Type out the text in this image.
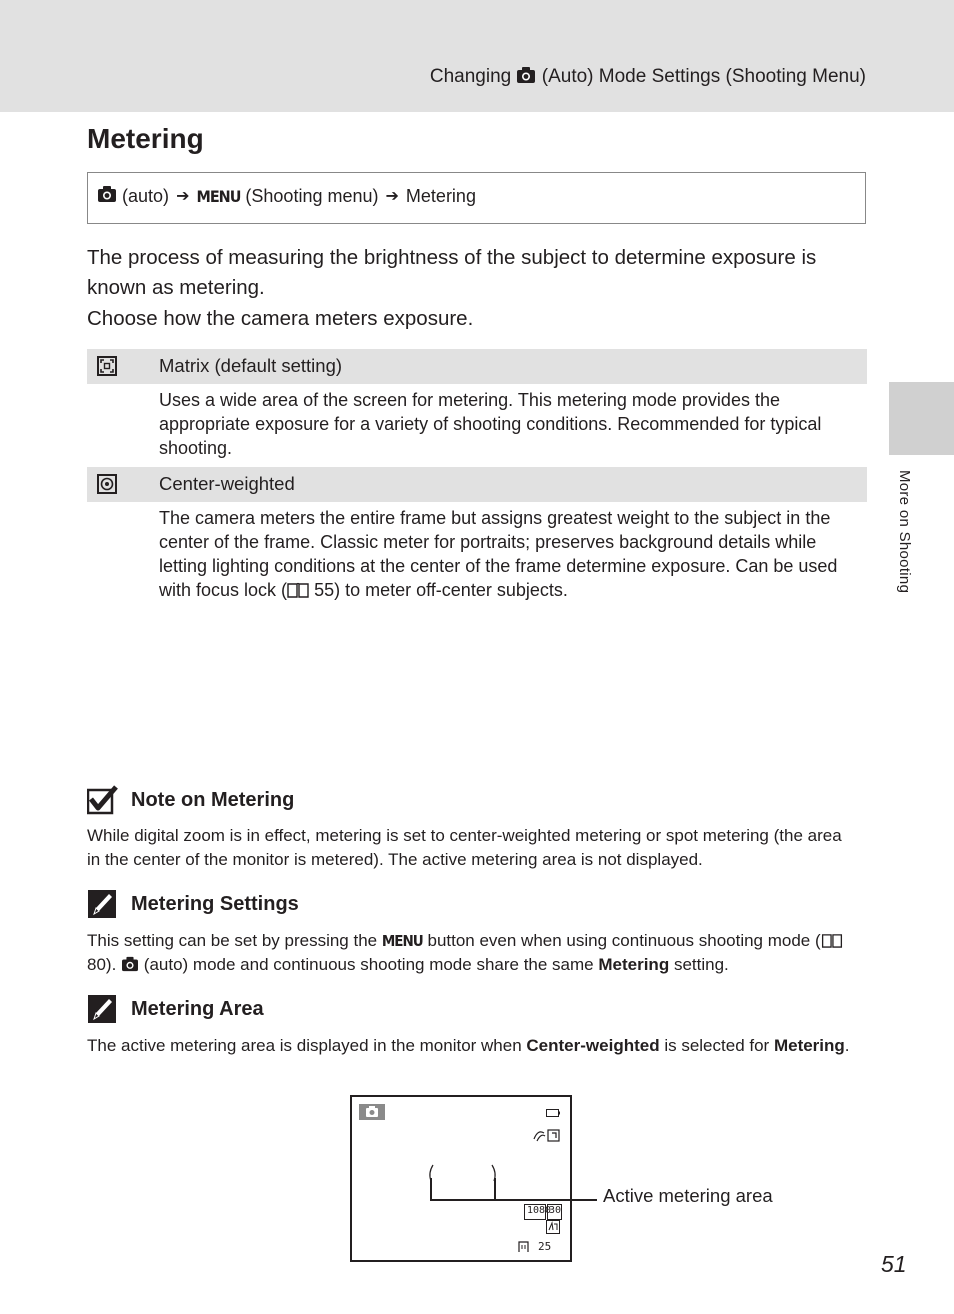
Changing (Auto) Mode Settings (Shooting Menu)
More on Shooting
Metering
(auto) ➔ MENU (Shooting menu) ➔ Metering

The process of measuring the brightness of the subject to determine exposure is known as metering.

Choose how the camera meters exposure.

Matrix (default setting)

Uses a wide area of the screen for metering. This metering mode provides the appropriate exposure for a variety of shooting conditions. Recommended for typical shooting.

Center-weighted

The camera meters the entire frame but assigns greatest weight to the subject in the center of the frame. Classic meter for portraits; preserves background details while letting lighting conditions at the center of the frame determine exposure. Can be used with focus lock ( 55) to meter off-center subjects.

Note on Metering

While digital zoom is in effect, metering is set to center-weighted metering or spot metering (the area in the center of the monitor is metered). The active metering area is not displayed.

Metering Settings

This setting can be set by pressing the MENU button even when using continuous shooting mode ( 80). (auto) mode and continuous shooting mode share the same Metering setting.

Metering Area

The active metering area is displayed in the monitor when Center-weighted is selected for Metering.

1080
30
25
Active metering area
51
